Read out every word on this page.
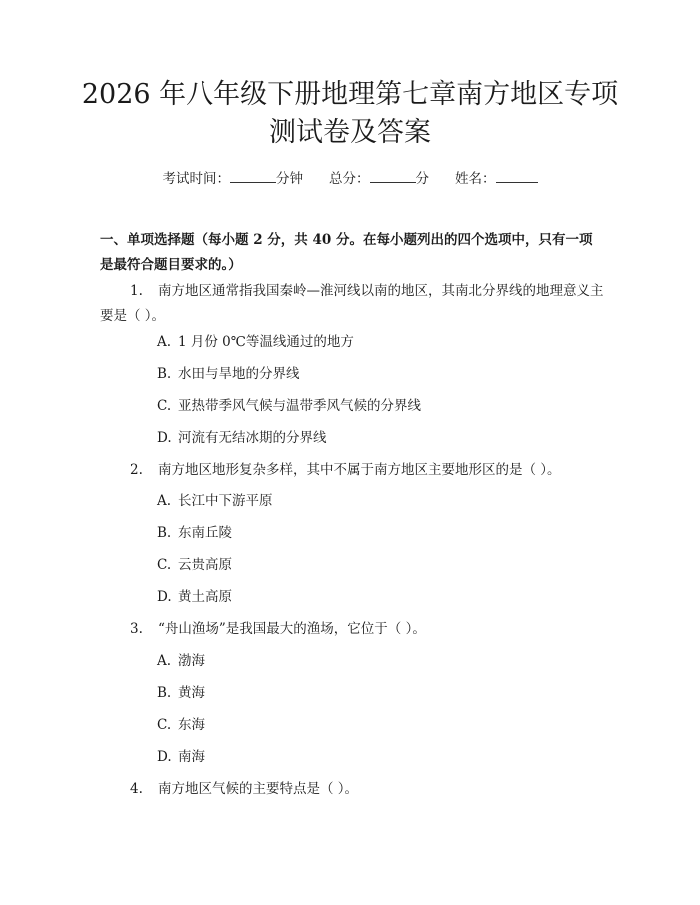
2026 年八年级下册地理第七章南方地区专项
测试卷及答案
考试时间：	分钟 总分：	分 姓名：

一、单项选择题（每小题 2 分，共 40 分。在每小题列出的四个选项中，只有一项是最符合题目要求的。）

1. 南方地区通常指我国秦岭—淮河线以南的地区，其南北分界线的地理意义主要是（ ）。

A. 1 月份 0℃等温线通过的地方
B. 水田与旱地的分界线
C. 亚热带季风气候与温带季风气候的分界线
D. 河流有无结冰期的分界线

2. 南方地区地形复杂多样，其中不属于南方地区主要地形区的是（ ）。

A. 长江中下游平原
B. 东南丘陵
C. 云贵高原
D. 黄土高原

3. “舟山渔场”是我国最大的渔场，它位于（ ）。

A. 渤海
B. 黄海
C. 东海
D. 南海

4. 南方地区气候的主要特点是（ ）。
